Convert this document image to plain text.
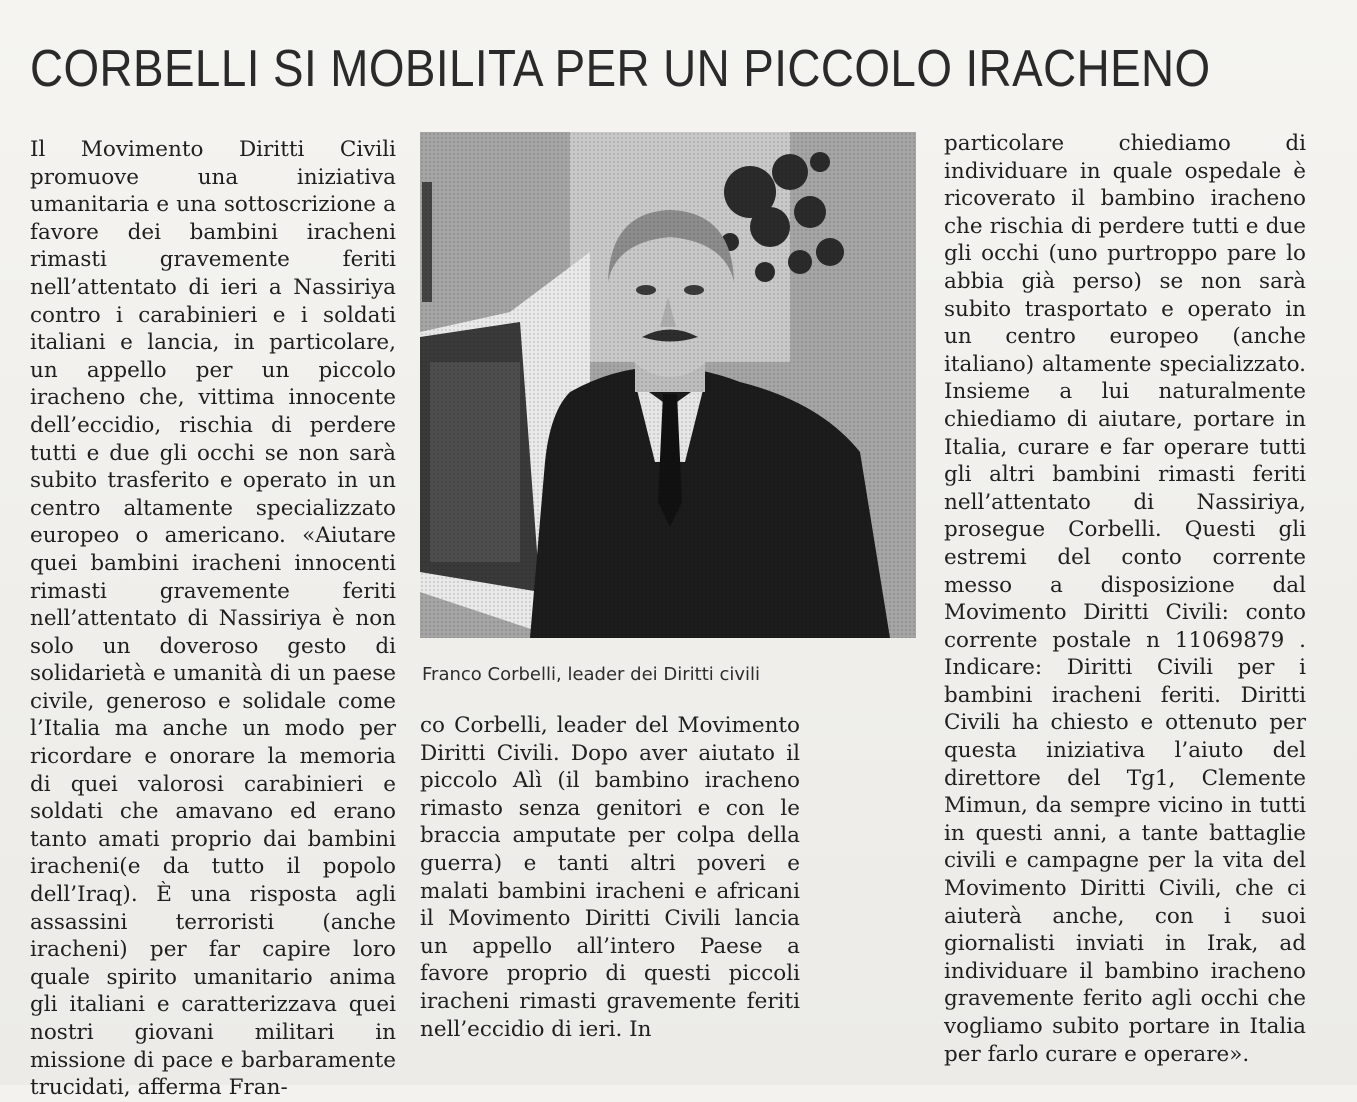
CORBELLI SI MOBILITA PER UN PICCOLO IRACHENO

Il Movimento Diritti Civili promuove una iniziativa umanitaria e una sottoscrizione a favore dei bambini iracheni rimasti gravemente feriti nell’attentato di ieri a Nassiriya contro i carabinieri e i soldati italiani e lancia, in particolare, un appello per un piccolo iracheno che, vittima innocente dell’eccidio, rischia di perdere tutti e due gli occhi se non sarà subito trasferito e operato in un centro altamente specializzato europeo o americano. «Aiutare quei bambini iracheni innocenti rimasti gravemente feriti nell’attentato di Nassiriya è non solo un doveroso gesto di solidarietà e umanità di un paese civile, generoso e solidale come l’Italia ma anche un modo per ricordare e onorare la memoria di quei valorosi carabinieri e soldati che amavano ed erano tanto amati proprio dai bambini iracheni(e da tutto il popolo dell’Iraq). È una risposta agli assassini terroristi (anche iracheni) per far capire loro quale spirito umanitario anima gli italiani e caratterizzava quei nostri giovani militari in missione di pace e barbaramente trucidati, afferma Fran-

Franco Corbelli, leader dei Diritti civili

co Corbelli, leader del Movimento Diritti Civili. Dopo aver aiutato il piccolo Alì (il bambino iracheno rimasto senza genitori e con le braccia amputate per colpa della guerra) e tanti altri poveri e malati bambini iracheni e africani il Movimento Diritti Civili lancia un appello all’intero Paese a favore proprio di questi piccoli iracheni rimasti gravemente feriti nell’eccidio di ieri. In

particolare chiediamo di individuare in quale ospedale è ricoverato il bambino iracheno che rischia di perdere tutti e due gli occhi (uno purtroppo pare lo abbia già perso) se non sarà subito trasportato e operato in un centro europeo (anche italiano) altamente specializzato. Insieme a lui naturalmente chiediamo di aiutare, portare in Italia, curare e far operare tutti gli altri bambini rimasti feriti nell’attentato di Nassiriya, prosegue Corbelli. Questi gli estremi del conto corrente messo a disposizione dal Movimento Diritti Civili: conto corrente postale n 11069879 . Indicare: Diritti Civili per i bambini iracheni feriti. Diritti Civili ha chiesto e ottenuto per questa iniziativa l’aiuto del direttore del Tg1, Clemente Mimun, da sempre vicino in tutti in questi anni, a tante battaglie civili e campagne per la vita del Movimento Diritti Civili, che ci aiuterà anche, con i suoi giornalisti inviati in Irak, ad individuare il bambino iracheno gravemente ferito agli occhi che vogliamo subito portare in Italia per farlo curare e operare».
